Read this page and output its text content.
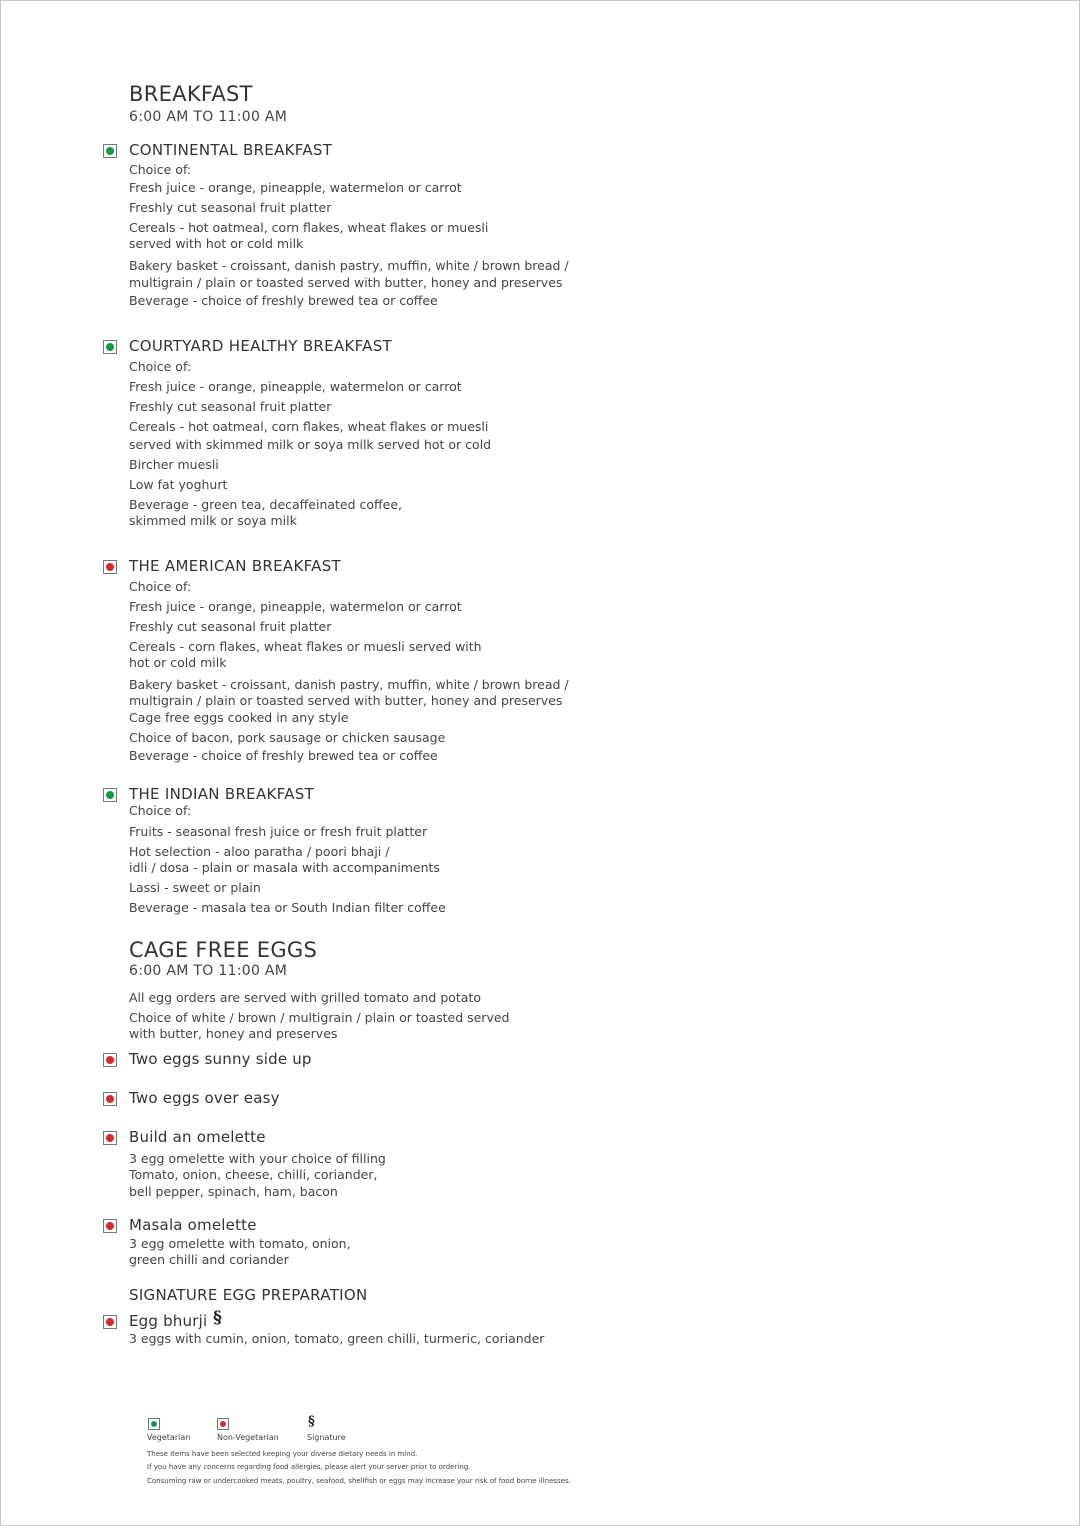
BREAKFAST
6:00 AM TO 11:00 AM
CONTINENTAL BREAKFAST
Choice of:
Fresh juice - orange, pineapple, watermelon or carrot
Freshly cut seasonal fruit platter
Cereals - hot oatmeal, corn flakes, wheat flakes or muesli
served with hot or cold milk
Bakery basket - croissant, danish pastry, muffin, white / brown bread /
multigrain / plain or toasted served with butter, honey and preserves
Beverage - choice of freshly brewed tea or coffee
COURTYARD HEALTHY BREAKFAST
Choice of:
Fresh juice - orange, pineapple, watermelon or carrot
Freshly cut seasonal fruit platter
Cereals - hot oatmeal, corn flakes, wheat flakes or muesli
served with skimmed milk or soya milk served hot or cold
Bircher muesli
Low fat yoghurt
Beverage - green tea, decaffeinated coffee,
skimmed milk or soya milk
THE AMERICAN BREAKFAST
Choice of:
Fresh juice - orange, pineapple, watermelon or carrot
Freshly cut seasonal fruit platter
Cereals - corn flakes, wheat flakes or muesli served with
hot or cold milk
Bakery basket - croissant, danish pastry, muffin, white / brown bread /
multigrain / plain or toasted served with butter, honey and preserves
Cage free eggs cooked in any style
Choice of bacon, pork sausage or chicken sausage
Beverage - choice of freshly brewed tea or coffee
THE INDIAN BREAKFAST
Choice of:
Fruits - seasonal fresh juice or fresh fruit platter
Hot selection - aloo paratha / poori bhaji /
idli / dosa - plain or masala with accompaniments
Lassi - sweet or plain
Beverage - masala tea or South Indian filter coffee
CAGE FREE EGGS
6:00 AM TO 11:00 AM
All egg orders are served with grilled tomato and potato
Choice of white / brown / multigrain / plain or toasted served
with butter, honey and preserves
Two eggs sunny side up
Two eggs over easy
Build an omelette
3 egg omelette with your choice of filling
Tomato, onion, cheese, chilli, coriander,
bell pepper, spinach, ham, bacon
Masala omelette
3 egg omelette with tomato, onion,
green chilli and coriander
SIGNATURE EGG PREPARATION
Egg bhurji §
3 eggs with cumin, onion, tomato, green chilli, turmeric, coriander
Vegetarian	Non-Vegetarian
§
Signature
These items have been selected keeping your diverse dietary needs in mind.
If you have any concerns regarding food allergies, please alert your server prior to ordering.
Consuming raw or undercooked meats, poultry, seafood, shellfish or eggs may increase your risk of food borne illnesses.
